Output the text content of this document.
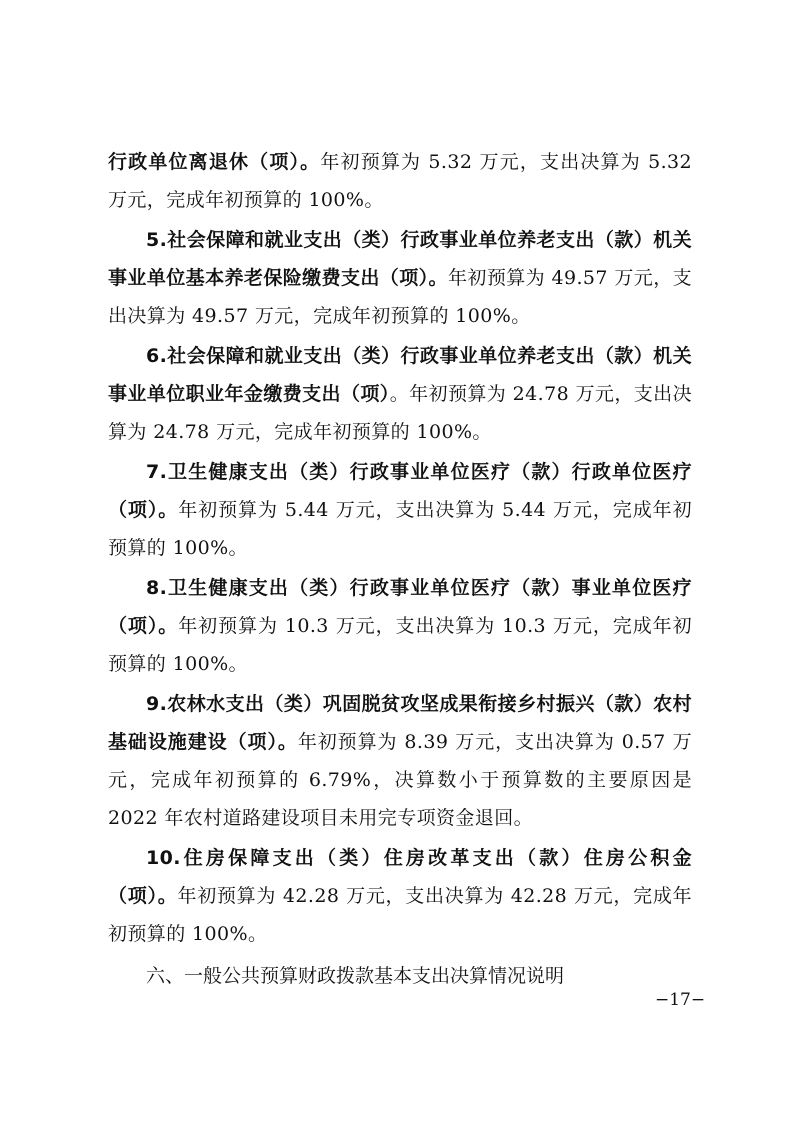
行政单位离退休（项）。年初预算为 5.32 万元，支出决算为 5.32 万元，完成年初预算的 100%。

5.社会保障和就业支出（类）行政事业单位养老支出（款）机关事业单位基本养老保险缴费支出（项）。年初预算为 49.57 万元，支出决算为 49.57 万元，完成年初预算的 100%。

6.社会保障和就业支出（类）行政事业单位养老支出（款）机关事业单位职业年金缴费支出（项）。年初预算为 24.78 万元，支出决算为 24.78 万元，完成年初预算的 100%。

7.卫生健康支出（类）行政事业单位医疗（款）行政单位医疗（项）。年初预算为 5.44 万元，支出决算为 5.44 万元，完成年初预算的 100%。

8.卫生健康支出（类）行政事业单位医疗（款）事业单位医疗（项）。年初预算为 10.3 万元，支出决算为 10.3 万元，完成年初预算的 100%。

9.农林水支出（类）巩固脱贫攻坚成果衔接乡村振兴（款）农村基础设施建设（项）。年初预算为 8.39 万元，支出决算为 0.57 万元，完成年初预算的 6.79%，决算数小于预算数的主要原因是 2022 年农村道路建设项目未用完专项资金退回。

10.住房保障支出（类）住房改革支出（款）住房公积金（项）。年初预算为 42.28 万元，支出决算为 42.28 万元，完成年初预算的 100%。

六、一般公共预算财政拨款基本支出决算情况说明

−17−
